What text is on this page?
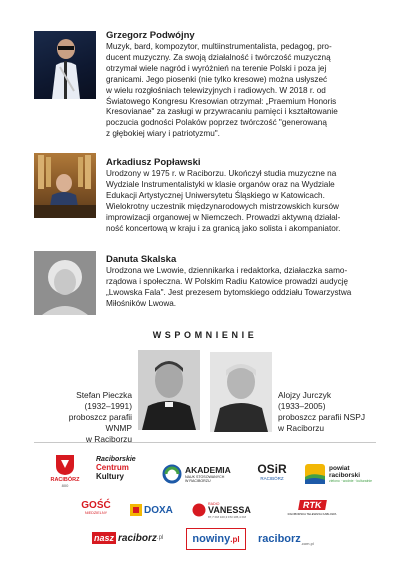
Grzegorz Podwójny

Muzyk, bard, kompozytor, multiinstrumentalista, pedagog, pro-

ducent muzyczny. Za swoją działalność i twórczość muzyczną

otrzymał wiele nagród i wyróżnień na terenie Polski i poza jej

granicami. Jego piosenki (nie tylko kresowe) można usłyszeć

w wielu rozgłośniach telewizyjnych i radiowych. W 2018 r. od

Światowego Kongresu Kresowian otrzymał: „Praemium Honoris

Kresovianae" za zasługi w przywracaniu pamięci i kształtowanie

poczucia godności Polaków poprzez twórczość "generowaną

z głębokiej wiary i patriotyzmu".

Arkadiusz Popławski

Urodzony w 1975 r. w Raciborzu. Ukończył studia muzyczne na

Wydziale Instrumentalistyki w klasie organów oraz na Wydziale

Edukacji Artystycznej Uniwersytetu Śląskiego w Katowicach.

Wielokrotny uczestnik międzynarodowych mistrzowskich kursów

improwizacji organowej w Niemczech. Prowadzi aktywną działal-

ność koncertową w kraju i za granicą jako solista i akompaniator.

Danuta Skalska

Urodzona we Lwowie, dziennikarka i redaktorka, działaczka samo-

rządowa i społeczna. W Polskim Radiu Katowice prowadzi audycję

„Lwowska Fala". Jest prezesem bytomskiego oddziału Towarzystwa

Miłośników Lwowa.

WSPOMNIENIE
Stefan Pieczka
(1932–1991)
proboszcz parafii WNMP
w Raciborzu
Alojzy Jurczyk
(1933–2005)
proboszcz parafii NSPJ
w Raciborzu
RACIBÓRZ
800
Raciborskie
Centrum
Kultury
AKADEMIA
NAUK STOSOWANYCH
W RACIBORZU
OSiR
RACIBÓRZ
powiat raciborski
zielono · wodnie · kulturalnie
GOŚĆ
NIEDZIELNY	DOXA
RADIO
VANESSA
87,7 FM 100,3 FM 105,4 FM
RTK
RACIBORSKA TELEWIZJA KABLOWA
nasz raciborz .pl	nowiny .pl raciborz .com.pl
